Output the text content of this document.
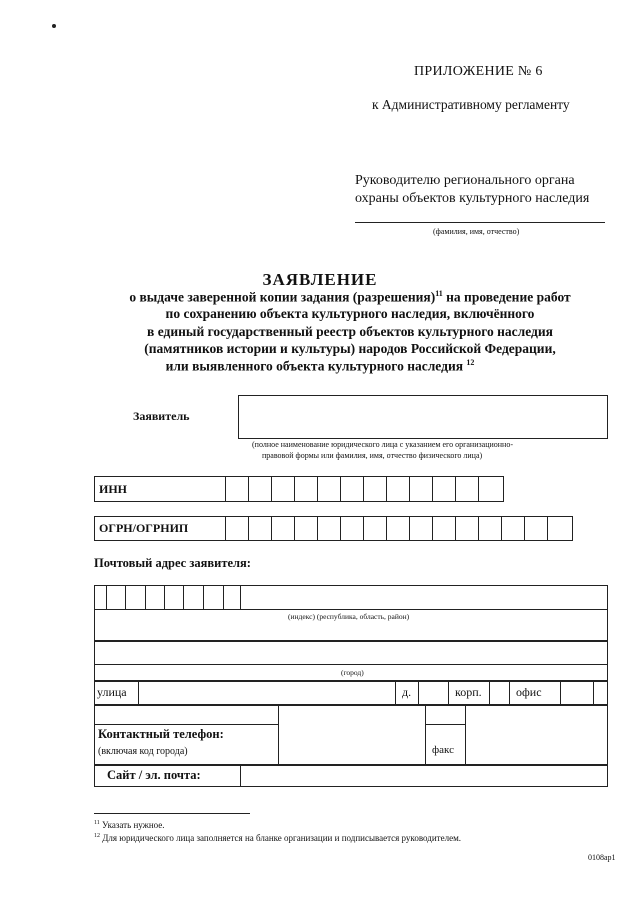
ПРИЛОЖЕНИЕ № 6
к Административному регламенту
Руководителю регионального органа
охраны объектов культурного наследия
(фамилия, имя, отчество)
ЗАЯВЛЕНИЕ
о выдаче заверенной копии задания (разрешения)$^{11}$ на проведение работ
по сохранению объекта культурного наследия, включённого
в единый государственный реестр объектов культурного наследия
(памятников истории и культуры) народов Российской Федерации,
или выявленного объекта культурного наследия $^{12}$
Заявитель
(полное наименование юридического лица с указанием его организационно-
правовой формы или фамилия, имя, отчество физического лица)
ИНН
ОГРН/ОГРНИП
Почтовый адрес заявителя:
(индекс) (республика, область, район)
(город)
улица	д.	корп.	офис
Контактный телефон:
(включая код города)	факс
Сайт / эл. почта:
$^{11}$ Указать нужное.
$^{12}$ Для юридического лица заполняется на бланке организации и подписывается руководителем.
0108ap1
